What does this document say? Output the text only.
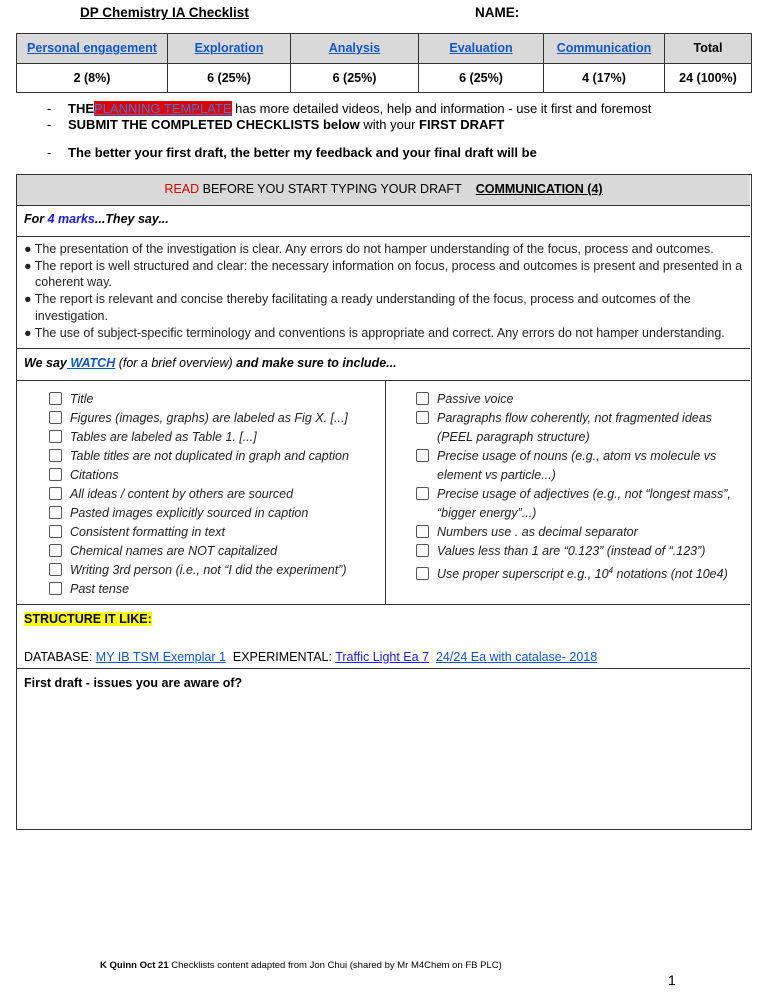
DP Chemistry IA Checklist	NAME:
Personal engagement	Exploration	Analysis	Evaluation	Communication	Total
2 (8%)	6 (25%)	6 (25%)	6 (25%)	4 (17%)	24 (100%)
- THEPLANNING TEMPLATE has more detailed videos, help and information - use it first and foremost
- SUBMIT THE COMPLETED CHECKLISTS below with your FIRST DRAFT
- The better your first draft, the better my feedback and your final draft will be
READ BEFORE YOU START TYPING YOUR DRAFT COMMUNICATION (4)
For 4 marks...They say...
● The presentation of the investigation is clear. Any errors do not hamper understanding of the focus, process and outcomes.
● The report is well structured and clear: the necessary information on focus, process and outcomes is present and presented in a coherent way.
● The report is relevant and concise thereby facilitating a ready understanding of the focus, process and outcomes of the investigation.
● The use of subject-specific terminology and conventions is appropriate and correct. Any errors do not hamper understanding.
We say WATCH (for a brief overview) and make sure to include...
Title
Figures (images, graphs) are labeled as Fig X. [...]
Tables are labeled as Table 1. [...]
Table titles are not duplicated in graph and caption
Citations
All ideas / content by others are sourced
Pasted images explicitly sourced in caption
Consistent formatting in text
Chemical names are NOT capitalized
Writing 3rd person (i.e., not “I did the experiment”)
Past tense
Passive voice
Paragraphs flow coherently, not fragmented ideas (PEEL paragraph structure)
Precise usage of nouns (e.g., atom vs molecule vs element vs particle...)
Precise usage of adjectives (e.g., not “longest mass”, “bigger energy”...)
Numbers use . as decimal separator
Values less than 1 are “0.123” (instead of “.123”)
Use proper superscript e.g., $10^4$ notations (not 10e4)
STRUCTURE IT LIKE:
DATABASE: MY IB TSM Exemplar 1 EXPERIMENTAL: Traffic Light Ea 7 24/24 Ea with catalase- 2018
First draft - issues you are aware of?
K Quinn Oct 21 Checklists content adapted from Jon Chui (shared by Mr M4Chem on FB PLC)
1
